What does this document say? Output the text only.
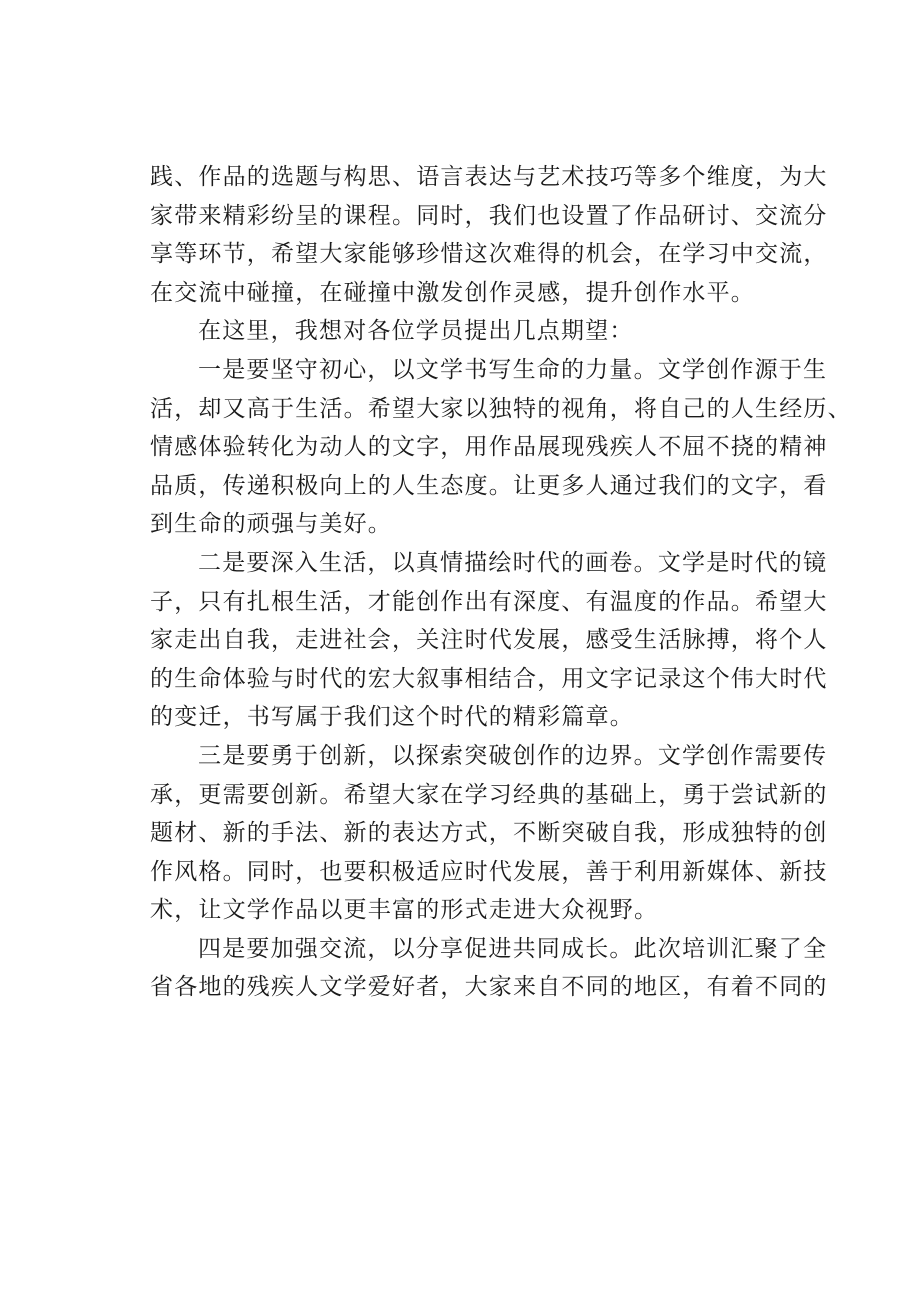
践、作品的选题与构思、语言表达与艺术技巧等多个维度，为大
家带来精彩纷呈的课程。同时，我们也设置了作品研讨、交流分
享等环节，希望大家能够珍惜这次难得的机会，在学习中交流，
在交流中碰撞，在碰撞中激发创作灵感，提升创作水平。
在这里，我想对各位学员提出几点期望：
一是要坚守初心，以文学书写生命的力量。文学创作源于生
活，却又高于生活。希望大家以独特的视角，将自己的人生经历、
情感体验转化为动人的文字，用作品展现残疾人不屈不挠的精神
品质，传递积极向上的人生态度。让更多人通过我们的文字，看
到生命的顽强与美好。
二是要深入生活，以真情描绘时代的画卷。文学是时代的镜
子，只有扎根生活，才能创作出有深度、有温度的作品。希望大
家走出自我，走进社会，关注时代发展，感受生活脉搏，将个人
的生命体验与时代的宏大叙事相结合，用文字记录这个伟大时代
的变迁，书写属于我们这个时代的精彩篇章。
三是要勇于创新，以探索突破创作的边界。文学创作需要传
承，更需要创新。希望大家在学习经典的基础上，勇于尝试新的
题材、新的手法、新的表达方式，不断突破自我，形成独特的创
作风格。同时，也要积极适应时代发展，善于利用新媒体、新技
术，让文学作品以更丰富的形式走进大众视野。
四是要加强交流，以分享促进共同成长。此次培训汇聚了全
省各地的残疾人文学爱好者，大家来自不同的地区，有着不同的
